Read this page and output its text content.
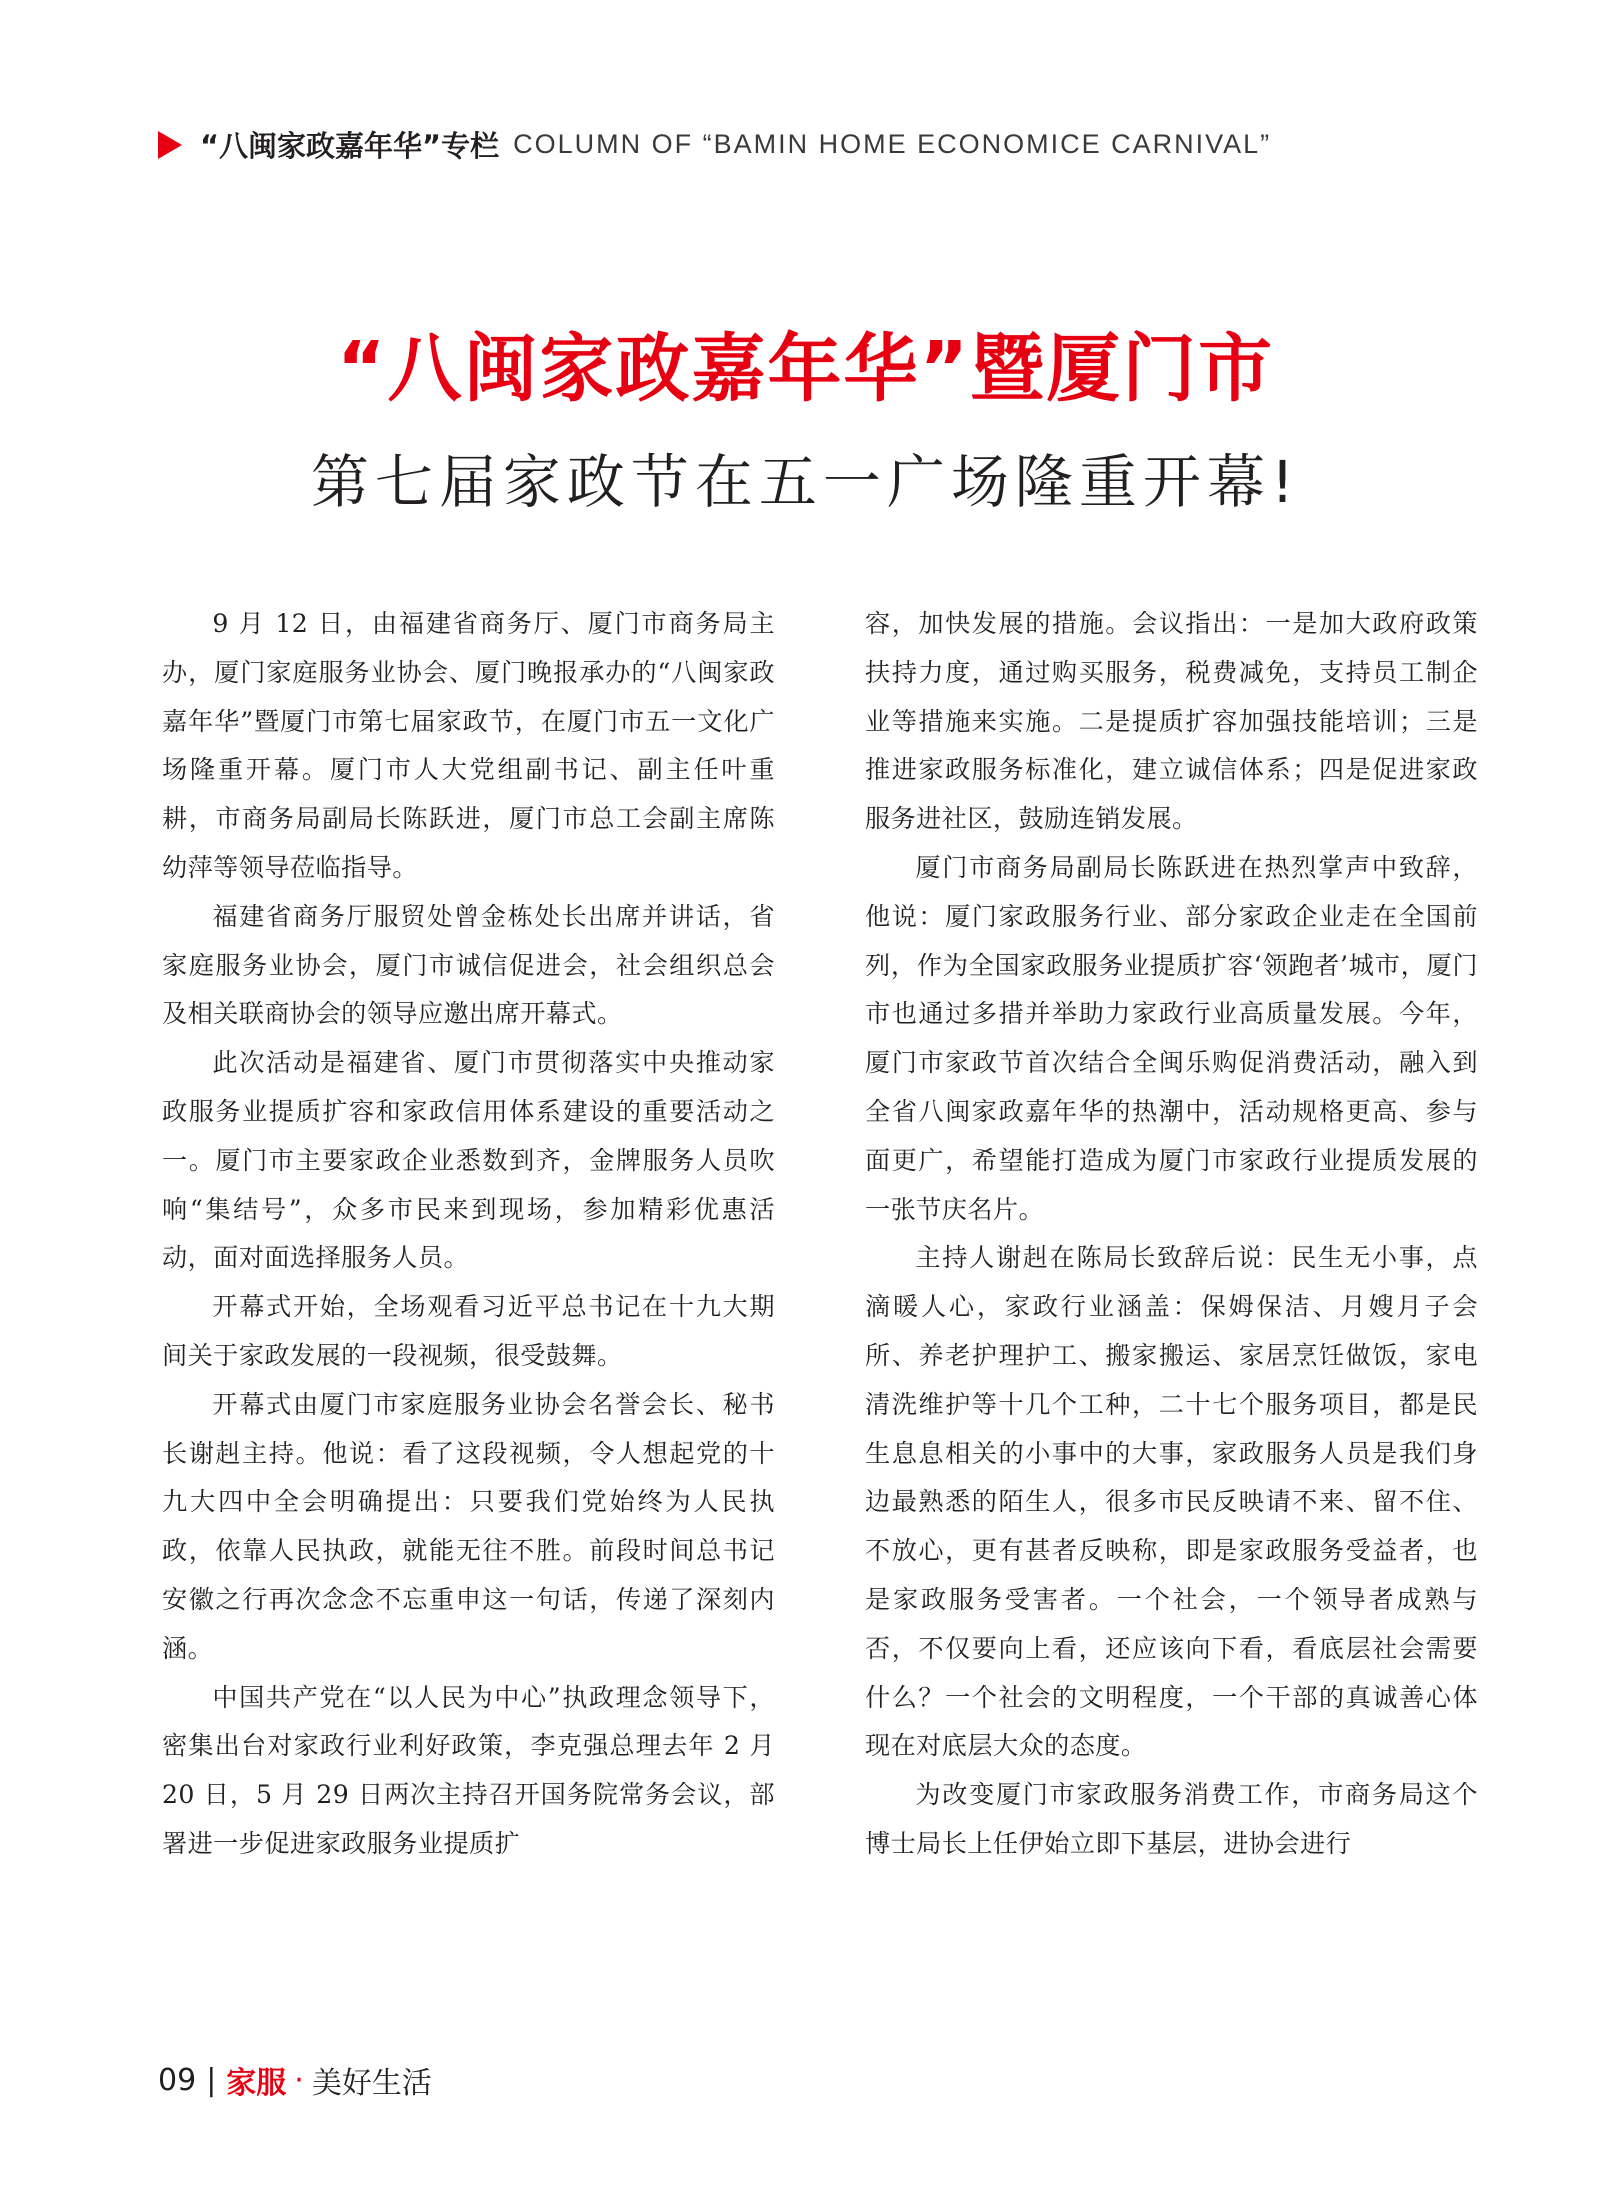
“八闽家政嘉年华”专栏 COLUMN OF “BAMIN HOME ECONOMICE CARNIVAL”
“八闽家政嘉年华”暨厦门市
第七届家政节在五一广场隆重开幕!

9 月 12 日，由福建省商务厅、厦门市商务局主办，厦门家庭服务业协会、厦门晚报承办的“八闽家政嘉年华”暨厦门市第七届家政节，在厦门市五一文化广场隆重开幕。厦门市人大党组副书记、副主任叶重耕，市商务局副局长陈跃进，厦门市总工会副主席陈幼萍等领导莅临指导。

福建省商务厅服贸处曾金栋处长出席并讲话，省家庭服务业协会，厦门市诚信促进会，社会组织总会及相关联商协会的领导应邀出席开幕式。

此次活动是福建省、厦门市贯彻落实中央推动家政服务业提质扩容和家政信用体系建设的重要活动之一。厦门市主要家政企业悉数到齐，金牌服务人员吹响“集结号”，众多市民来到现场，参加精彩优惠活动，面对面选择服务人员。

开幕式开始，全场观看习近平总书记在十九大期间关于家政发展的一段视频，很受鼓舞。

开幕式由厦门市家庭服务业协会名誉会长、秘书长谢赳主持。他说：看了这段视频，令人想起党的十九大四中全会明确提出：只要我们党始终为人民执政，依靠人民执政，就能无往不胜。前段时间总书记安徽之行再次念念不忘重申这一句话，传递了深刻内涵。

中国共产党在“以人民为中心”执政理念领导下，密集出台对家政行业利好政策，李克强总理去年 2 月 20 日，5 月 29 日两次主持召开国务院常务会议，部署进一步促进家政服务业提质扩

容，加快发展的措施。会议指出：一是加大政府政策扶持力度，通过购买服务，税费减免，支持员工制企业等措施来实施。二是提质扩容加强技能培训；三是推进家政服务标准化，建立诚信体系；四是促进家政服务进社区，鼓励连销发展。

厦门市商务局副局长陈跃进在热烈掌声中致辞，他说：厦门家政服务行业、部分家政企业走在全国前列，作为全国家政服务业提质扩容‘领跑者’城市，厦门市也通过多措并举助力家政行业高质量发展。今年，厦门市家政节首次结合全闽乐购促消费活动，融入到全省八闽家政嘉年华的热潮中，活动规格更高、参与面更广，希望能打造成为厦门市家政行业提质发展的一张节庆名片。

主持人谢赳在陈局长致辞后说：民生无小事，点滴暖人心，家政行业涵盖：保姆保洁、月嫂月子会所、养老护理护工、搬家搬运、家居烹饪做饭，家电清洗维护等十几个工种，二十七个服务项目，都是民生息息相关的小事中的大事，家政服务人员是我们身边最熟悉的陌生人，很多市民反映请不来、留不住、不放心，更有甚者反映称，即是家政服务受益者，也是家政服务受害者。一个社会，一个领导者成熟与否，不仅要向上看，还应该向下看，看底层社会需要什么？一个社会的文明程度，一个干部的真诚善心体现在对底层大众的态度。

为改变厦门市家政服务消费工作，市商务局这个博士局长上任伊始立即下基层，进协会进行

09 | 家服 · 美好生活
